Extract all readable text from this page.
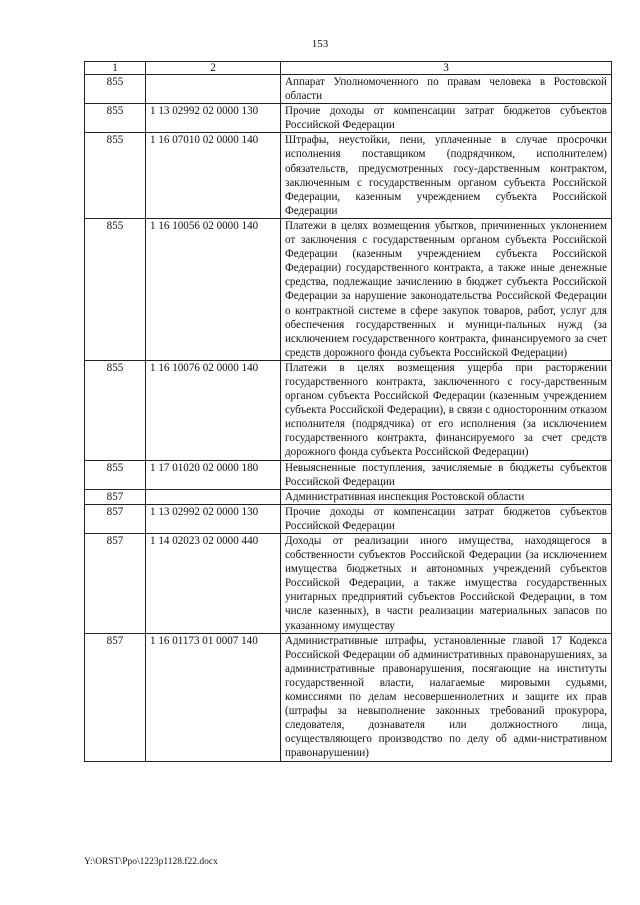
153
1	2	3
855		Аппарат Уполномоченного по правам человека в Ростовской области
855	1 13 02992 02 0000 130	Прочие доходы от компенсации затрат бюджетов субъектов Российской Федерации
855	1 16 07010 02 0000 140	Штрафы, неустойки, пени, уплаченные в случае просрочки исполнения поставщиком (подрядчиком, исполнителем) обязательств, предусмотренных госу-дарственным контрактом, заключенным с государственным органом субъекта Российской Федерации, казенным учреждением субъекта Российской Федерации
855	1 16 10056 02 0000 140	Платежи в целях возмещения убытков, причиненных уклонением от заключения с государственным органом субъекта Российской Федерации (казенным учреждением субъекта Российской Федерации) государственного контракта, а также иные денежные средства, подлежащие зачислению в бюджет субъекта Российской Федерации за нарушение законодательства Российской Федерации о контрактной системе в сфере закупок товаров, работ, услуг для обеспечения государственных и муници-пальных нужд (за исключением государственного контракта, финансируемого за счет средств дорожного фонда субъекта Российской Федерации)
855	1 16 10076 02 0000 140	Платежи в целях возмещения ущерба при расторжении государственного контракта, заключенного с госу-дарственным органом субъекта Российской Федерации (казенным учреждением субъекта Российской Федерации), в связи с односторонним отказом исполнителя (подрядчика) от его исполнения (за исключением государственного контракта, финансируемого за счет средств дорожного фонда субъекта Российской Федерации)
855	1 17 01020 02 0000 180	Невыясненные поступления, зачисляемые в бюджеты субъектов Российской Федерации
857		Административная инспекция Ростовской области
857	1 13 02992 02 0000 130	Прочие доходы от компенсации затрат бюджетов субъектов Российской Федерации
857	1 14 02023 02 0000 440	Доходы от реализации иного имущества, находящегося в собственности субъектов Российской Федерации (за исключением имущества бюджетных и автономных учреждений субъектов Российской Федерации, а также имущества государственных унитарных предприятий субъектов Российской Федерации, в том числе казенных), в части реализации материальных запасов по указанному имуществу
857	1 16 01173 01 0007 140	Административные штрафы, установленные главой 17 Кодекса Российской Федерации об административных правонарушениях, за административные правонарушения, посягающие на институты государственной власти, налагаемые мировыми судьями, комиссиями по делам несовершеннолетних и защите их прав (штрафы за невыполнение законных требований прокурора, следователя, дознавателя или должностного лица, осуществляющего производство по делу об адми-нистративном правонарушении)
Y:\ORST\Ppo\1223p1128.f22.docx
